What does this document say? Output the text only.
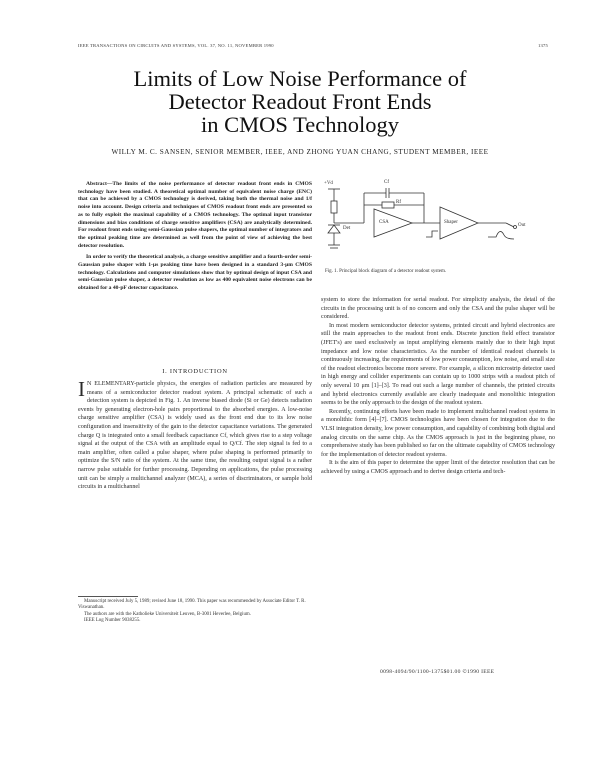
IEEE TRANSACTIONS ON CIRCUITS AND SYSTEMS, VOL. 37, NO. 11, NOVEMBER 1990	1375
Limits of Low Noise Performance of
Detector Readout Front Ends
in CMOS Technology
WILLY M. C. SANSEN, SENIOR MEMBER, IEEE, AND ZHONG YUAN CHANG, STUDENT MEMBER, IEEE

Abstract—The limits of the noise performance of detector readout front ends in CMOS technology have been studied. A theoretical optimal number of equivalent noise charge (ENC) that can be achieved by a CMOS technology is derived, taking both the thermal noise and 1/f noise into account. Design criteria and techniques of CMOS readout front ends are presented so as to fully exploit the maximal capability of a CMOS technology. The optimal input transistor dimensions and bias conditions of charge sensitive amplifiers (CSA) are analytically determined. For readout front ends using semi-Gaussian pulse shapers, the optimal number of integrators and the optimal peaking time are determined as well from the point of view of achieving the best detector resolution.

In order to verify the theoretical analysis, a charge sensitive amplifier and a fourth-order semi-Gaussian pulse shaper with 1-μs peaking time have been designed in a standard 3-μm CMOS technology. Calculations and computer simulations show that by optimal design of input CSA and semi-Gaussian pulse shaper, a detector resolution as low as 400 equivalent noise electrons can be obtained for a 40-pF detector capacitance.

I. INTRODUCTION

I N ELEMENTARY-particle physics, the energies of radiation particles are measured by means of a semiconductor detector readout system. A principal schematic of such a detection system is depicted in Fig. 1. An inverse biased diode (Si or Ge) detects radiation events by generating electron-hole pairs proportional to the absorbed energies. A low-noise charge sensitive amplifier (CSA) is widely used as the front end due to its low noise configuration and insensitivity of the gain to the detector capacitance variations. The generated charge Q is integrated onto a small feedback capacitance Cf, which gives rise to a step voltage signal at the output of the CSA with an amplitude equal to Q/Cf. The step signal is fed to a main amplifier, often called a pulse shaper, where pulse shaping is performed primarily to optimize the S/N ratio of the system. At the same time, the resulting output signal is a rather narrow pulse suitable for further processing. Depending on applications, the pulse processing unit can be simply a multichannel analyzer (MCA), a series of discriminators, or sample hold circuits in a multichannel

Manuscript received July 5, 1989; revised June 18, 1990. This paper was recommended by Associate Editor T. R. Viswanathan.

The authors are with the Katholieke Universiteit Leuven, B-3001 Heverlee, Belgium.

IEEE Log Number 9038255.

+Vd	Cf
Rf
Det
CSA	Shaper
Out
Fig. 1. Principal block diagram of a detector readout system.

system to store the information for serial readout. For simplicity analysis, the detail of the circuits in the processing unit is of no concern and only the CSA and the pulse shaper will be considered.

In most modern semiconductor detector systems, printed circuit and hybrid electronics are still the main approaches to the readout front ends. Discrete junction field effect transistor (JFET's) are used exclusively as input amplifying elements mainly due to their high input impedance and low noise characteristics. As the number of identical readout channels is continuously increasing, the requirements of low power consumption, low noise, and small size of the readout electronics become more severe. For example, a silicon microstrip detector used in high energy and collider experiments can contain up to 1000 strips with a readout pitch of only several 10 μm [1]–[3]. To read out such a large number of channels, the printed circuits and hybrid electronics currently available are clearly inadequate and monolithic integration seems to be the only approach to the design of the readout system.

Recently, continuing efforts have been made to implement multichannel readout systems in a monolithic form [4]–[7]. CMOS technologies have been chosen for integration due to the VLSI integration density, low power consumption, and capability of combining both digital and analog circuits on the same chip. As the CMOS approach is just in the beginning phase, no comprehensive study has been published so far on the ultimate capability of CMOS technology for the implementation of detector readout systems.

It is the aim of this paper to determine the upper limit of the detector resolution that can be achieved by using a CMOS approach and to derive design criteria and tech-

0098-4094/90/1100-1375$01.00 ©1990 IEEE
